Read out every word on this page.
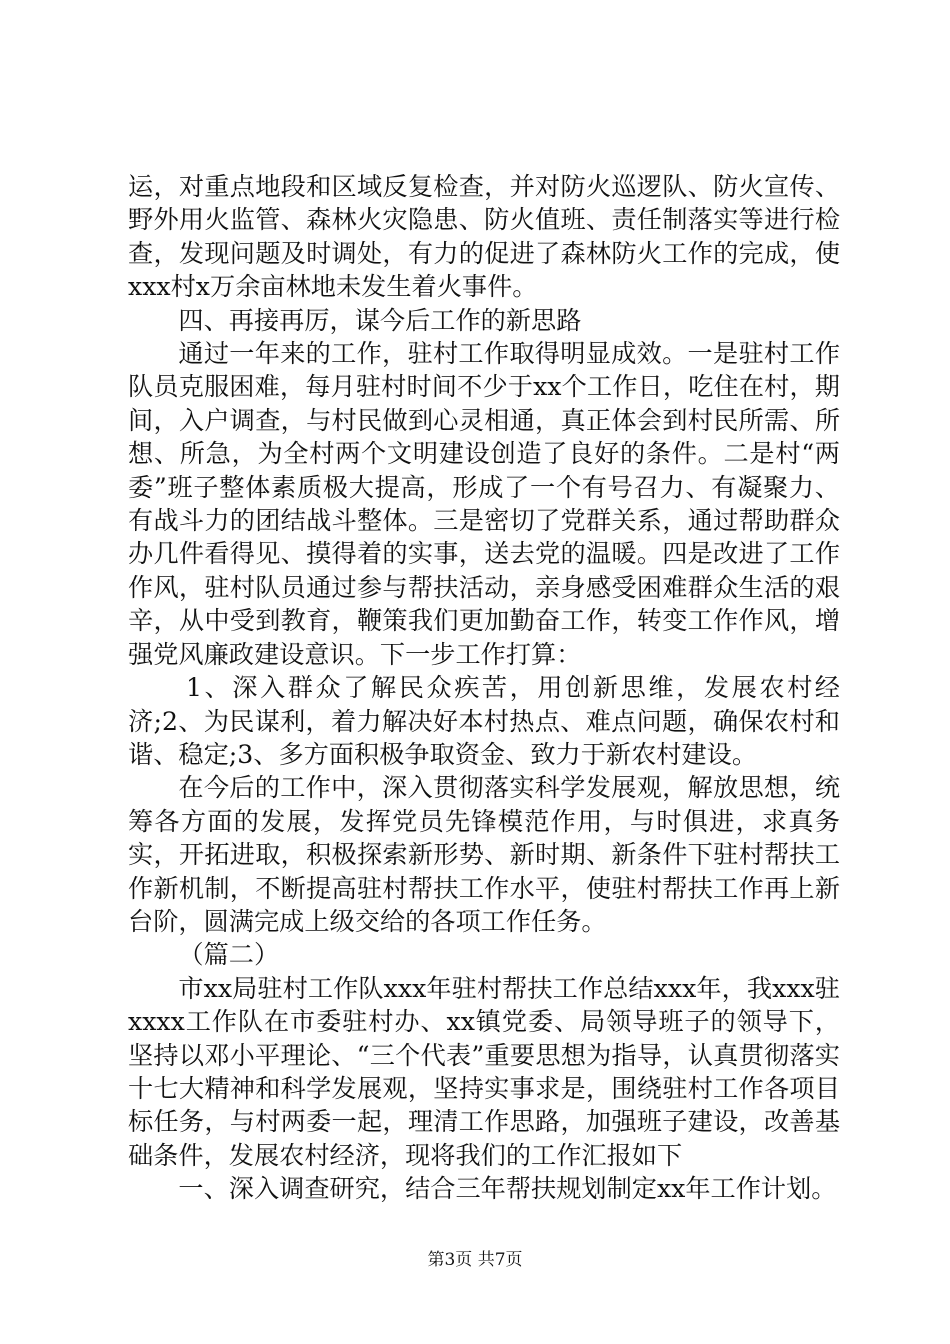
运，对重点地段和区域反复检查，并对防火巡逻队、防火宣传、野外用火监管、森林火灾隐患、防火值班、责任制落实等进行检查，发现问题及时调处，有力的促进了森林防火工作的完成，使xxx村x万余亩林地未发生着火事件。

四、再接再厉，谋今后工作的新思路

通过一年来的工作，驻村工作取得明显成效。一是驻村工作队员克服困难，每月驻村时间不少于xx个工作日，吃住在村，期间，入户调查，与村民做到心灵相通，真正体会到村民所需、所想、所急，为全村两个文明建设创造了良好的条件。二是村“两委”班子整体素质极大提高，形成了一个有号召力、有凝聚力、有战斗力的团结战斗整体。三是密切了党群关系，通过帮助群众办几件看得见、摸得着的实事，送去党的温暖。四是改进了工作作风，驻村队员通过参与帮扶活动，亲身感受困难群众生活的艰辛，从中受到教育，鞭策我们更加勤奋工作，转变工作作风，增强党风廉政建设意识。下一步工作打算：

1、深入群众了解民众疾苦，用创新思维，发展农村经济;2、为民谋利，着力解决好本村热点、难点问题，确保农村和谐、稳定;3、多方面积极争取资金、致力于新农村建设。

在今后的工作中，深入贯彻落实科学发展观，解放思想，统筹各方面的发展，发挥党员先锋模范作用，与时俱进，求真务实，开拓进取，积极探索新形势、新时期、新条件下驻村帮扶工作新机制，不断提高驻村帮扶工作水平，使驻村帮扶工作再上新台阶，圆满完成上级交给的各项工作任务。

（篇二）

市xx局驻村工作队xxx年驻村帮扶工作总结xxx年，我xxx驻xxxx工作队在市委驻村办、xx镇党委、局领导班子的领导下，坚持以邓小平理论、“三个代表”重要思想为指导，认真贯彻落实十七大精神和科学发展观，坚持实事求是，围绕驻村工作各项目标任务，与村两委一起，理清工作思路，加强班子建设，改善基础条件，发展农村经济，现将我们的工作汇报如下

一、深入调查研究，结合三年帮扶规划制定xx年工作计划。

第3页 共7页
